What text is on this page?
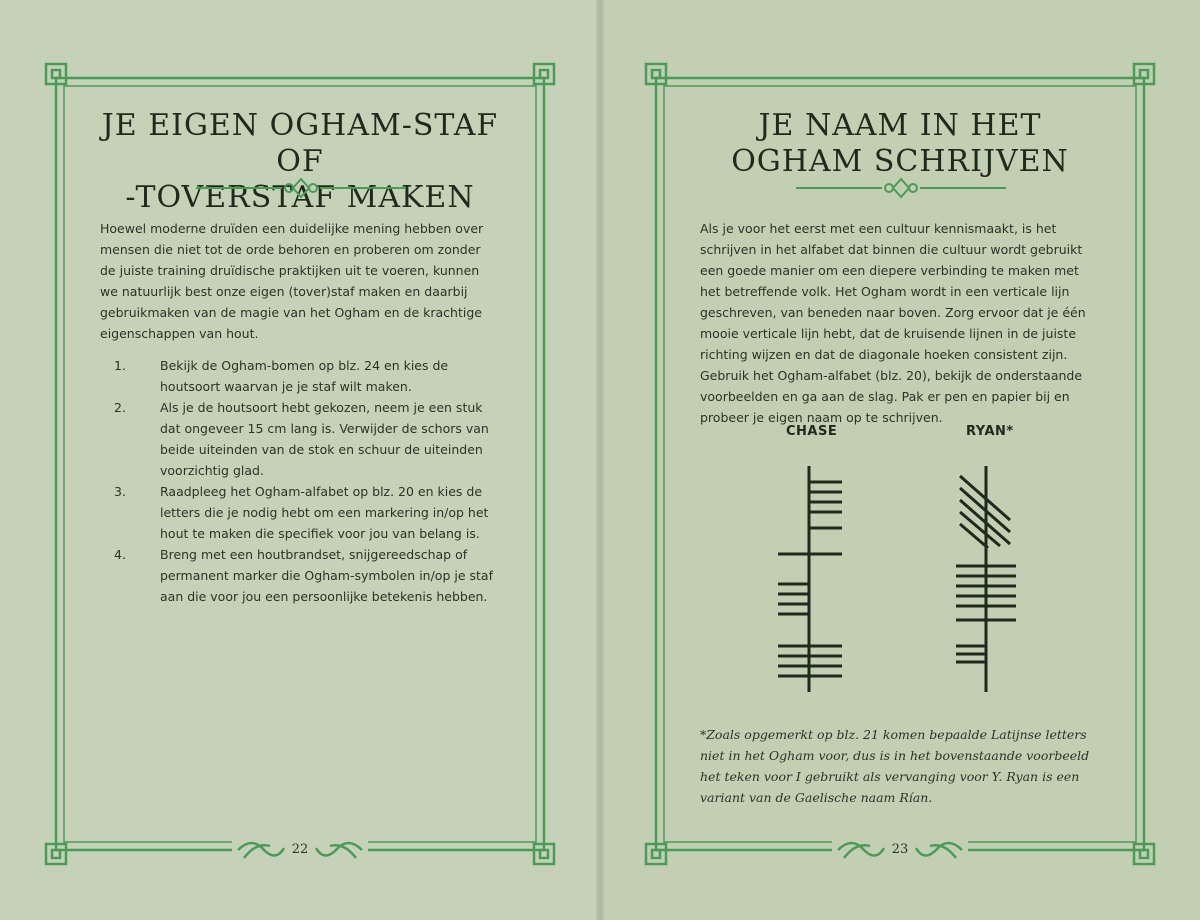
JE EIGEN OGHAM-STAF OF
-TOVERSTAF MAKEN
Hoewel moderne druïden een duidelijke mening hebben over mensen die niet tot de orde behoren en proberen om zonder de juiste training druïdische praktijken uit te voeren, kunnen we natuurlijk best onze eigen (tover)staf maken en daarbij gebruikmaken van de magie van het Ogham en de krachtige eigenschappen van hout.
1.	Bekijk de Ogham-bomen op blz. 24 en kies de houtsoort waarvan je je staf wilt maken.
2.	Als je de houtsoort hebt gekozen, neem je een stuk dat ongeveer 15 cm lang is. Verwijder de schors van beide uiteinden van de stok en schuur de uiteinden voorzichtig glad.
3.	Raadpleeg het Ogham-alfabet op blz. 20 en kies de letters die je nodig hebt om een markering in/op het hout te maken die specifiek voor jou van belang is.
4.	Breng met een houtbrandset, snijgereedschap of permanent marker die Ogham-symbolen in/op je staf aan die voor jou een persoonlijke betekenis hebben.
22
JE NAAM IN HET
OGHAM SCHRIJVEN
Als je voor het eerst met een cultuur kennismaakt, is het schrijven in het alfabet dat binnen die cultuur wordt gebruikt een goede manier om een diepere verbinding te maken met het betreffende volk. Het Ogham wordt in een verticale lijn geschreven, van beneden naar boven. Zorg ervoor dat je één mooie verticale lijn hebt, dat de kruisende lijnen in de juiste richting wijzen en dat de diagonale hoeken consistent zijn. Gebruik het Ogham-alfabet (blz. 20), bekijk de onderstaande voorbeelden en ga aan de slag. Pak er pen en papier bij en probeer je eigen naam op te schrijven.
CHASE	RYAN*
*Zoals opgemerkt op blz. 21 komen bepaalde Latijnse letters niet in het Ogham voor, dus is in het bovenstaande voorbeeld het teken voor I gebruikt als vervanging voor Y. Ryan is een variant van de Gaelische naam Rían.
23
